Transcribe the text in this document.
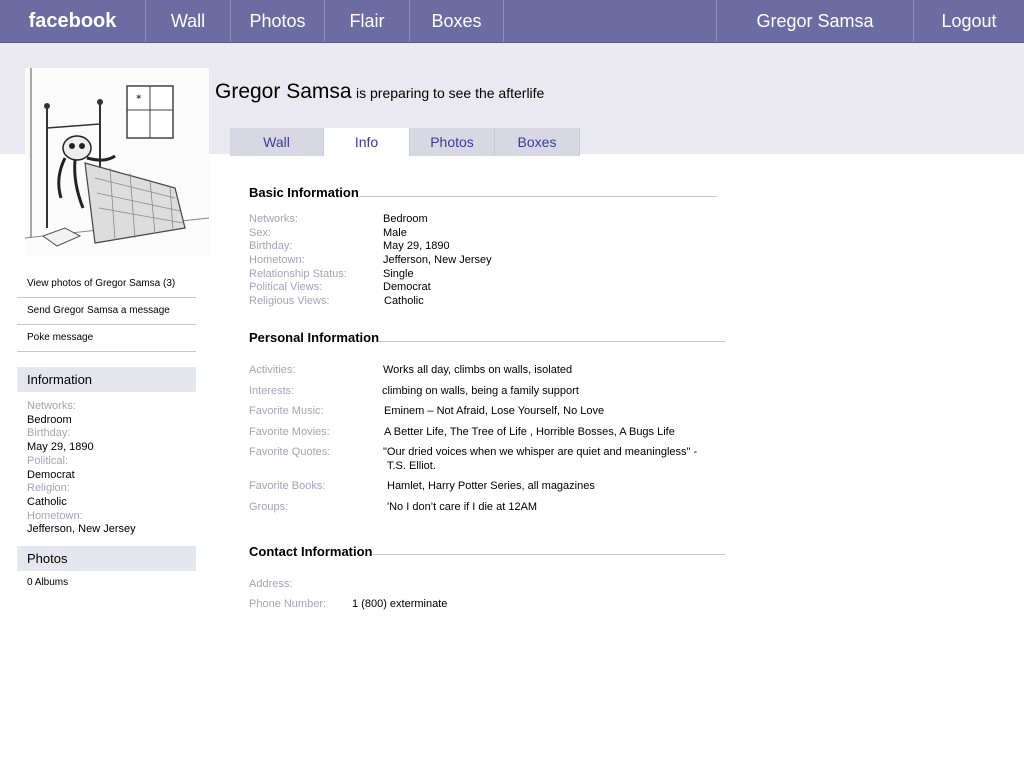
facebook	Wall	Photos	Flair	Boxes	Gregor Samsa	Logout
✶	Gregor Samsa is preparing to see the afterlife
Wall	Info	Photos	Boxes
View photos of Gregor Samsa (3)
Send Gregor Samsa a message
Poke message
Information
Networks:
Bedroom
Birthday:
May 29, 1890
Political:
Democrat
Religion:
Catholic
Hometown:
Jefferson, New Jersey
Photos
0 Albums
Basic Information
Networks:	Bedroom
Sex:	Male
Birthday:	May 29, 1890
Hometown:	Jefferson, New Jersey
Relationship Status:	Single
Political Views:	Democrat
Religious Views:	Catholic
Personal Information
Activities:	Works all day, climbs on walls, isolated
Interests:	climbing on walls, being a family support
Favorite Music:	Eminem – Not Afraid, Lose Yourself, No Love
Favorite Movies:	A Better Life, The Tree of Life , Horrible Bosses, A Bugs Life
Favorite Quotes:	"Our dried voices when we whisper are quiet and meaningless" -
T.S. Elliot.
Favorite Books:	Hamlet, Harry Potter Series, all magazines
Groups:	'No I don’t care if I die at 12AM
Contact Information
Address:
Phone Number: 1 (800) exterminate
